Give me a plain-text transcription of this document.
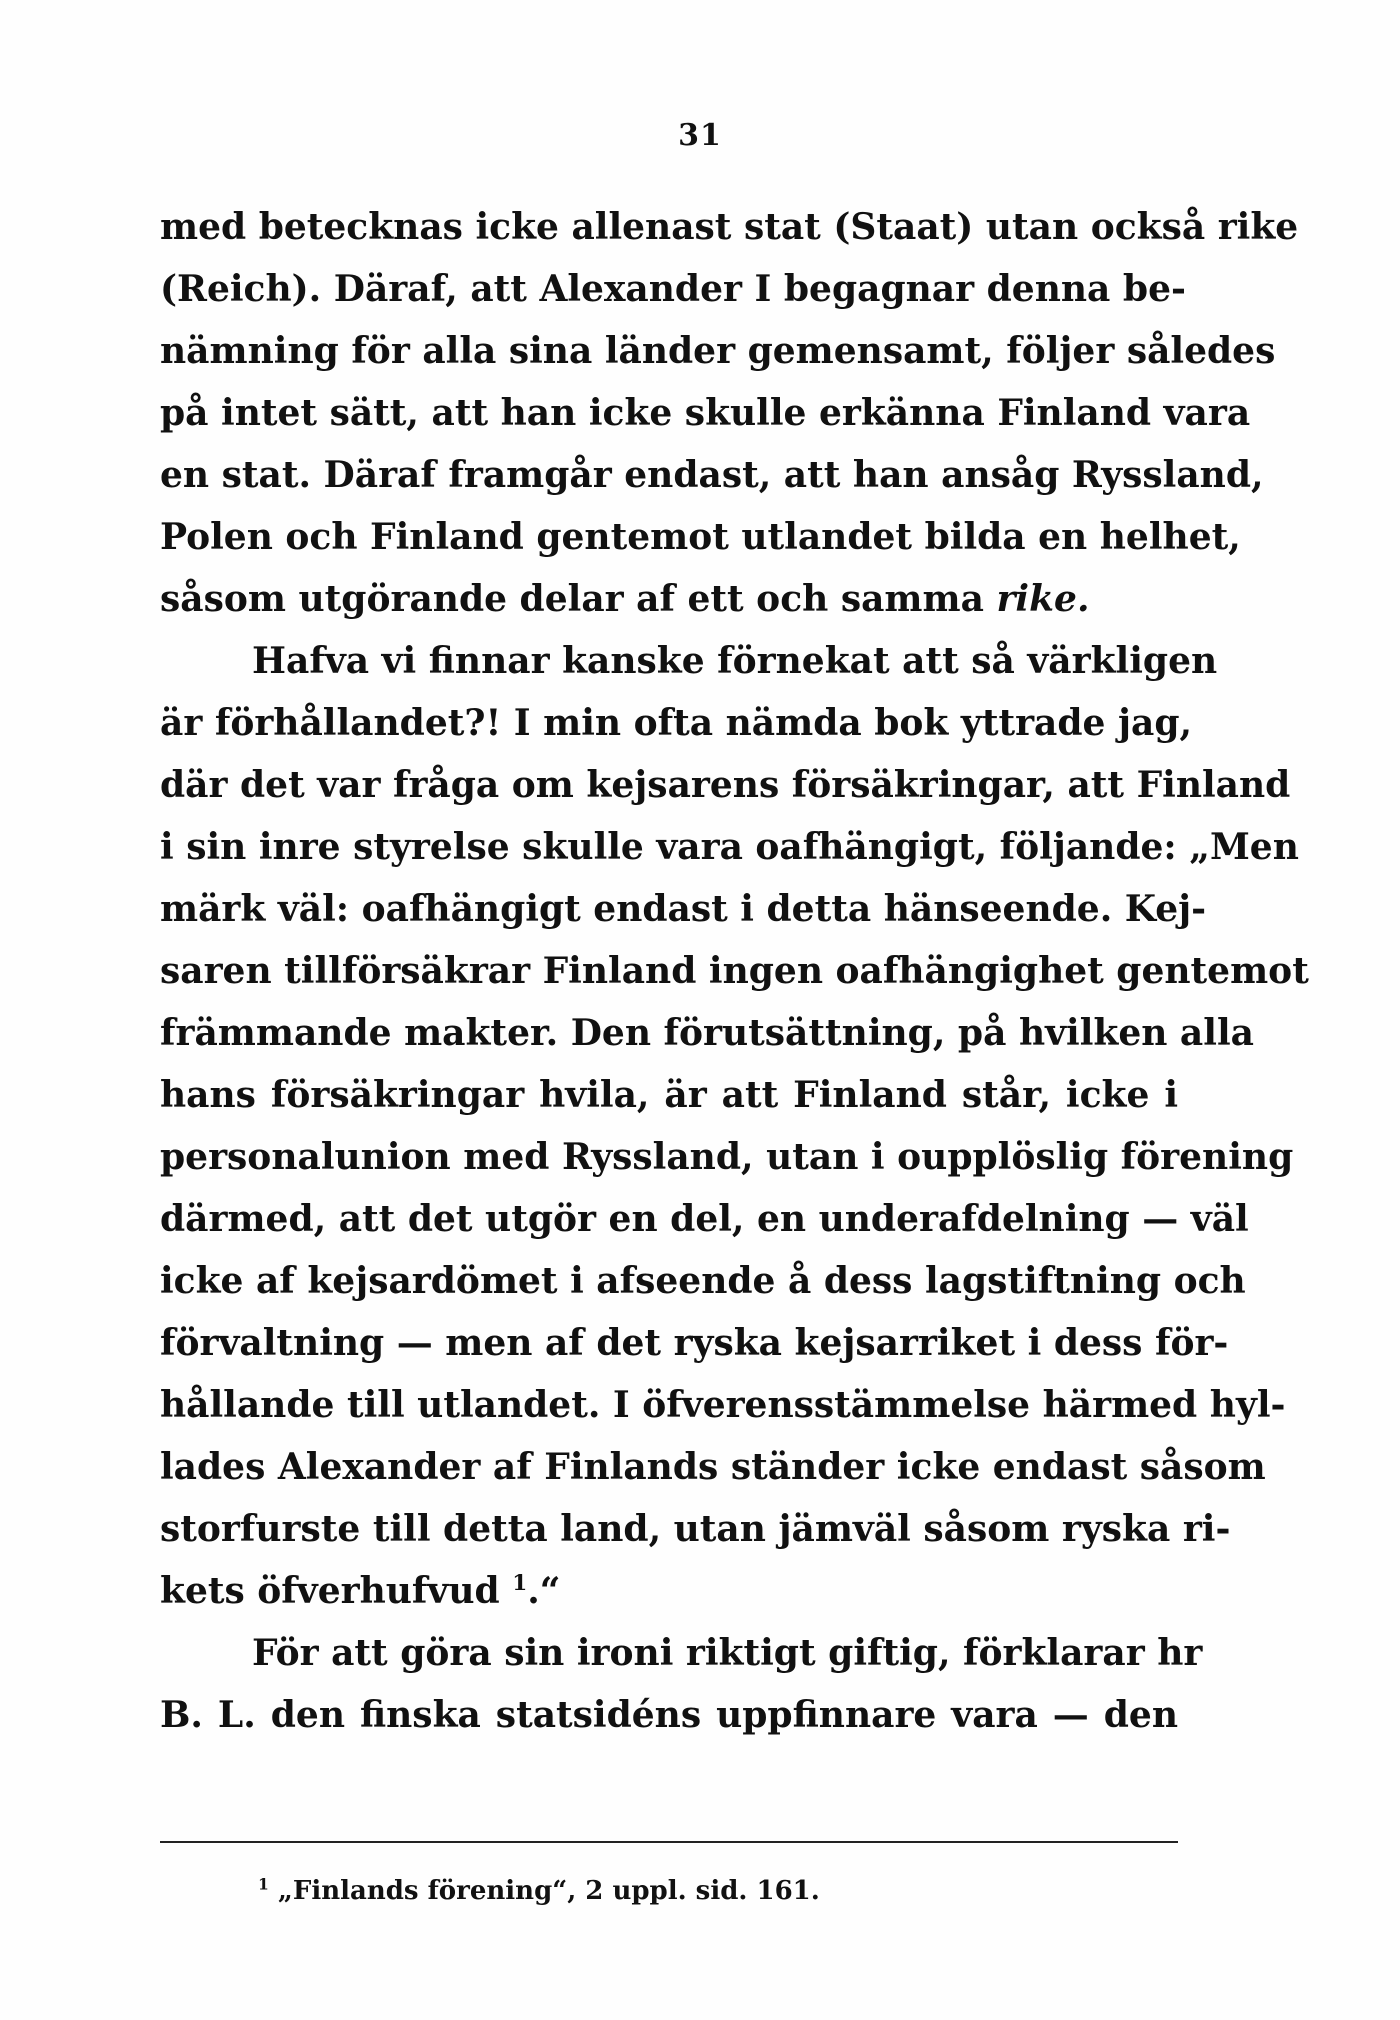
31
med betecknas icke allenast stat (Staat) utan också rike
(Reich). Däraf, att Alexander I begagnar denna be-
nämning för alla sina länder gemensamt, följer således
på intet sätt, att han icke skulle erkänna Finland vara
en stat. Däraf framgår endast, att han ansåg Ryssland,
Polen och Finland gentemot utlandet bilda en helhet,
såsom utgörande delar af ett och samma rike.
Hafva vi finnar kanske förnekat att så värkligen
är förhållandet?! I min ofta nämda bok yttrade jag,
där det var fråga om kejsarens försäkringar, att Finland
i sin inre styrelse skulle vara oafhängigt, följande: „Men
märk väl: oafhängigt endast i detta hänseende. Kej-
saren tillförsäkrar Finland ingen oafhängighet gentemot
främmande makter. Den förutsättning, på hvilken alla
hans försäkringar hvila, är att Finland står, icke i
personalunion med Ryssland, utan i oupplöslig förening
därmed, att det utgör en del, en underafdelning — väl
icke af kejsardömet i afseende å dess lagstiftning och
förvaltning — men af det ryska kejsarriket i dess för-
hållande till utlandet. I öfverensstämmelse härmed hyl-
lades Alexander af Finlands ständer icke endast såsom
storfurste till detta land, utan jämväl såsom ryska ri-
kets öfverhufvud $^1$.“
För att göra sin ironi riktigt giftig, förklarar hr
B. L. den finska statsidéns uppfinnare vara — den
$^1$ „Finlands förening“, 2 uppl. sid. 161.
